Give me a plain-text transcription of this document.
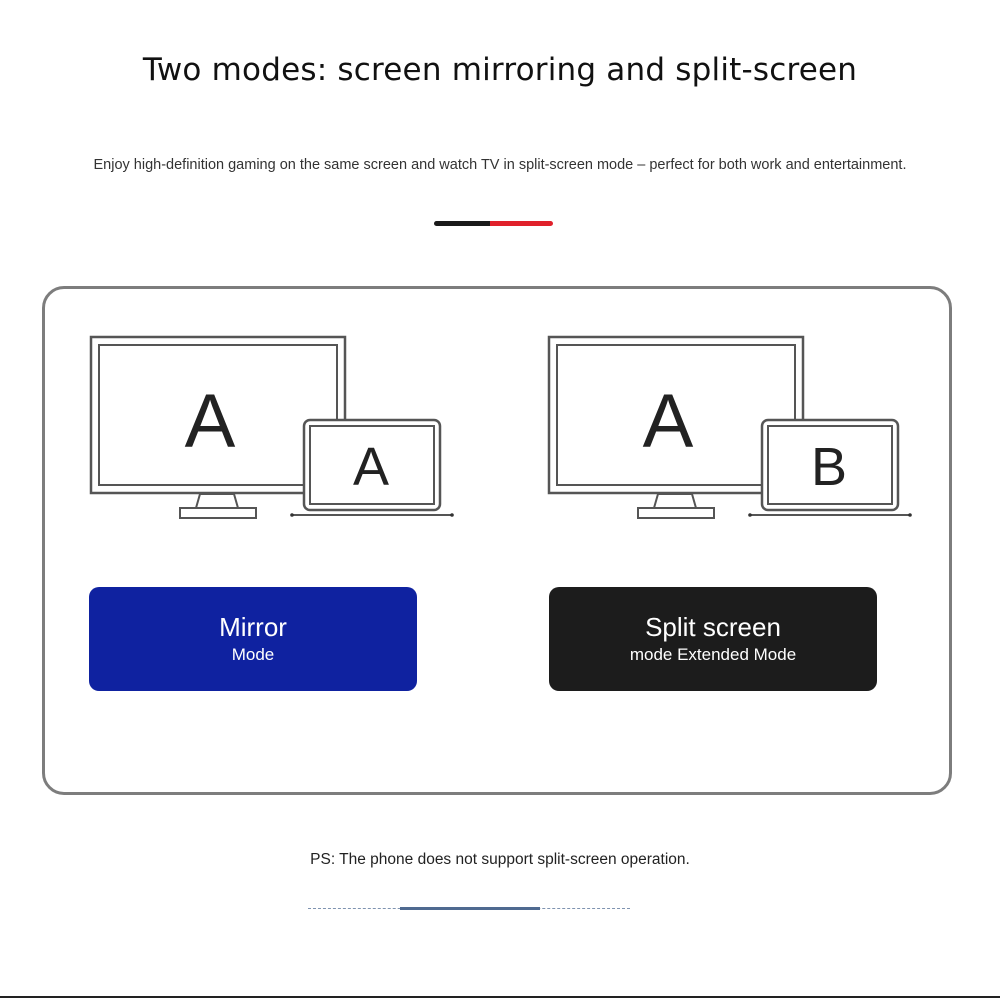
Two modes: screen mirroring and split-screen
Enjoy high-definition gaming on the same screen and watch TV in split-screen mode – perfect for both work and entertainment.
A
A
A
B
Mirror
Mode
Split screen
mode Extended Mode
PS: The phone does not support split-screen operation.
